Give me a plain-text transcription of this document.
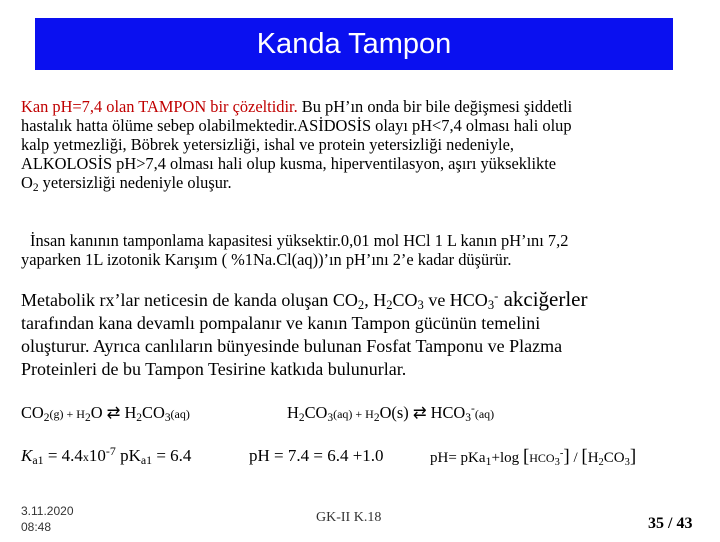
Kanda Tampon

Kan pH=7,4 olan TAMPON bir çözeltidir. Bu pH’ın onda bir bile değişmesi şiddetli
hastalık hatta ölüme sebep olabilmektedir.ASİDOSİS olayı pH<7,4 olması hali olup
kalp yetmezliği, Böbrek yetersizliği, ishal ve protein yetersizliği nedeniyle,
ALKOLOSİS pH>7,4 olması hali olup kusma, hiperventilasyon, aşırı yükseklikte
$O_2$ yetersizliği nedeniyle oluşur.

İnsan kanının tamponlama kapasitesi yüksektir.0,01 mol HCl 1 L kanın pH’ını 7,2
yaparken 1L izotonik Karışım ( %1Na.Cl(aq))’ın pH’ını 2’e kadar düşürür.

Metabolik rx’lar neticesin de kanda oluşan $CO_2$, $H_2CO_3$ ve $HCO_3^-$ akciğerler
tarafından kana devamlı pompalanır ve kanın Tampon gücünün temelini
oluşturur. Ayrıca canlıların bünyesinde bulunan Fosfat Tamponu ve Plazma
Proteinleri de bu Tampon Tesirine katkıda bulunurlar.

$CO_2(g) + H_2O$ ⇄ $H_2CO_3(aq)$	$H_2CO_3(aq) + H_2O(s)$ ⇄ $HCO_3^-(aq)$
$K_{a1} = 4.4x10^{-7}$ $pK_{a1} = 6.4$	pH = 7.4 = 6.4 +1.0	pH= pKa$_1$+log $[HCO_3^-] / [H_2CO_3]$
3.11.2020
08:48
GK-II K.18	35 / 43
